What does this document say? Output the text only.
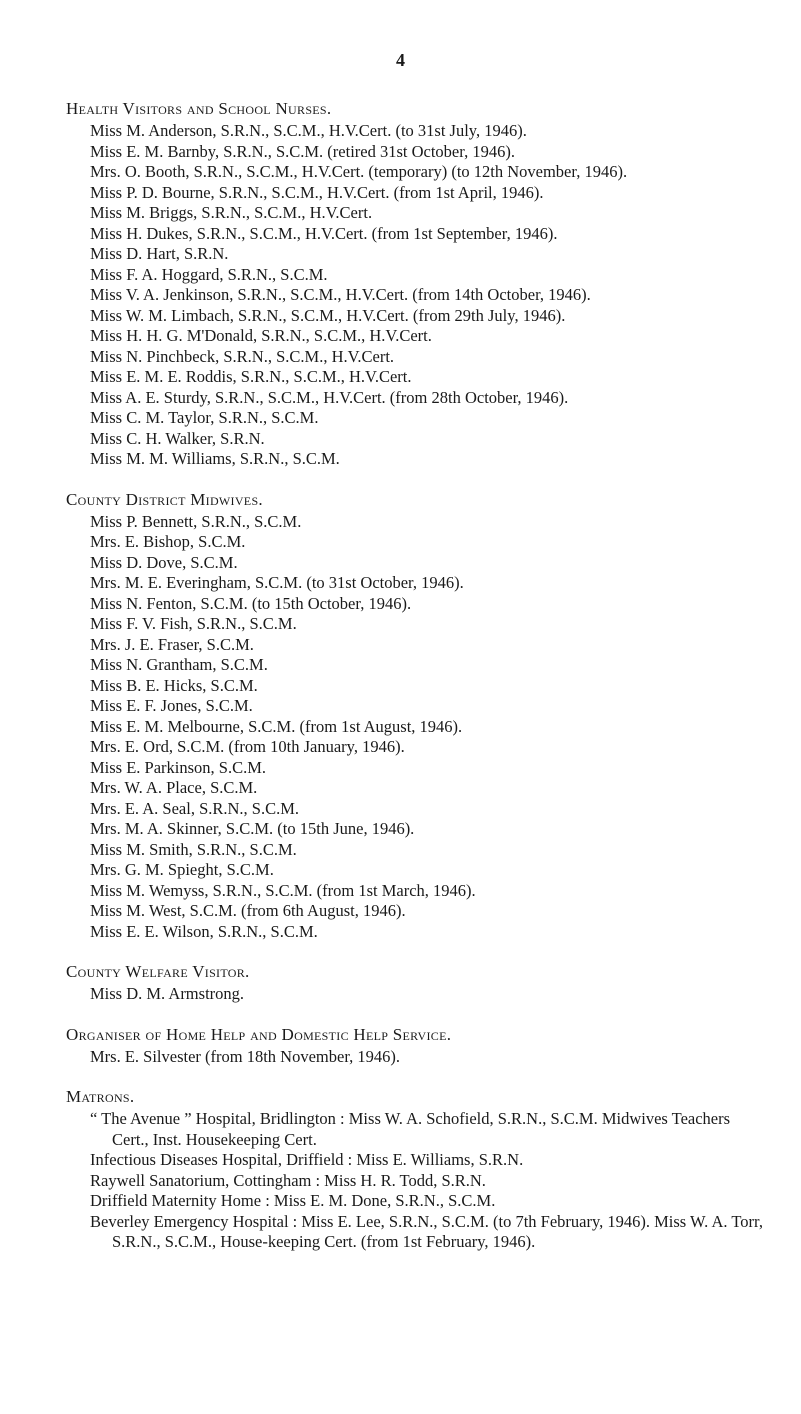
4
Health Visitors and School Nurses.
Miss M. Anderson, S.R.N., S.C.M., H.V.Cert. (to 31st July, 1946).
Miss E. M. Barnby, S.R.N., S.C.M. (retired 31st October, 1946).
Mrs. O. Booth, S.R.N., S.C.M., H.V.Cert. (temporary) (to 12th November, 1946).
Miss P. D. Bourne, S.R.N., S.C.M., H.V.Cert. (from 1st April, 1946).
Miss M. Briggs, S.R.N., S.C.M., H.V.Cert.
Miss H. Dukes, S.R.N., S.C.M., H.V.Cert. (from 1st September, 1946).
Miss D. Hart, S.R.N.
Miss F. A. Hoggard, S.R.N., S.C.M.
Miss V. A. Jenkinson, S.R.N., S.C.M., H.V.Cert. (from 14th October, 1946).
Miss W. M. Limbach, S.R.N., S.C.M., H.V.Cert. (from 29th July, 1946).
Miss H. H. G. M'Donald, S.R.N., S.C.M., H.V.Cert.
Miss N. Pinchbeck, S.R.N., S.C.M., H.V.Cert.
Miss E. M. E. Roddis, S.R.N., S.C.M., H.V.Cert.
Miss A. E. Sturdy, S.R.N., S.C.M., H.V.Cert. (from 28th October, 1946).
Miss C. M. Taylor, S.R.N., S.C.M.
Miss C. H. Walker, S.R.N.
Miss M. M. Williams, S.R.N., S.C.M.
County District Midwives.
Miss P. Bennett, S.R.N., S.C.M.
Mrs. E. Bishop, S.C.M.
Miss D. Dove, S.C.M.
Mrs. M. E. Everingham, S.C.M. (to 31st October, 1946).
Miss N. Fenton, S.C.M. (to 15th October, 1946).
Miss F. V. Fish, S.R.N., S.C.M.
Mrs. J. E. Fraser, S.C.M.
Miss N. Grantham, S.C.M.
Miss B. E. Hicks, S.C.M.
Miss E. F. Jones, S.C.M.
Miss E. M. Melbourne, S.C.M. (from 1st August, 1946).
Mrs. E. Ord, S.C.M. (from 10th January, 1946).
Miss E. Parkinson, S.C.M.
Mrs. W. A. Place, S.C.M.
Mrs. E. A. Seal, S.R.N., S.C.M.
Mrs. M. A. Skinner, S.C.M. (to 15th June, 1946).
Miss M. Smith, S.R.N., S.C.M.
Mrs. G. M. Spieght, S.C.M.
Miss M. Wemyss, S.R.N., S.C.M. (from 1st March, 1946).
Miss M. West, S.C.M. (from 6th August, 1946).
Miss E. E. Wilson, S.R.N., S.C.M.
County Welfare Visitor.
Miss D. M. Armstrong.
Organiser of Home Help and Domestic Help Service.
Mrs. E. Silvester (from 18th November, 1946).
Matrons.
“ The Avenue ” Hospital, Bridlington : Miss W. A. Schofield, S.R.N., S.C.M. Midwives Teachers Cert., Inst. Housekeeping Cert.
Infectious Diseases Hospital, Driffield : Miss E. Williams, S.R.N.
Raywell Sanatorium, Cottingham : Miss H. R. Todd, S.R.N.
Driffield Maternity Home : Miss E. M. Done, S.R.N., S.C.M.
Beverley Emergency Hospital : Miss E. Lee, S.R.N., S.C.M. (to 7th February, 1946). Miss W. A. Torr, S.R.N., S.C.M., House-keeping Cert. (from 1st February, 1946).
